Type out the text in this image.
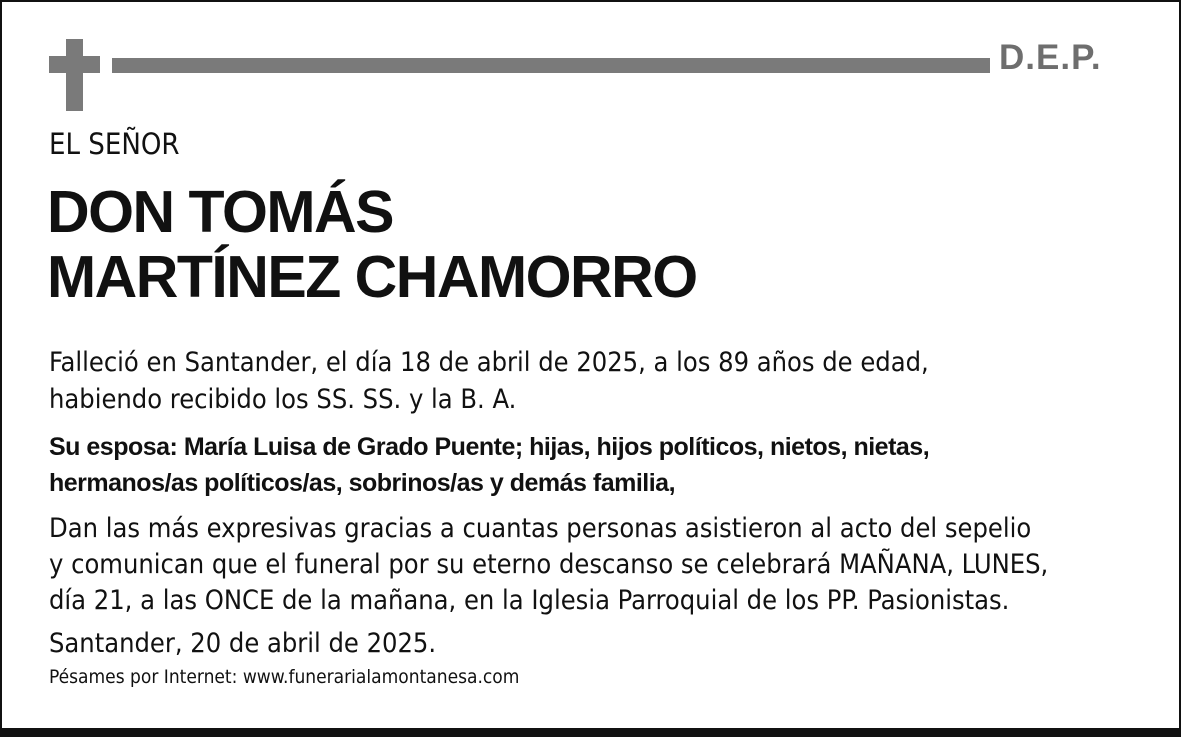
D.E.P.
EL SEÑOR
DON TOMÁS
MARTÍNEZ CHAMORRO
Falleció en Santander, el día 18 de abril de 2025, a los 89 años de edad,
habiendo recibido los SS. SS. y la B. A.
Su esposa: María Luisa de Grado Puente; hijas, hijos políticos, nietos, nietas,
hermanos/as políticos/as, sobrinos/as y demás familia,
Dan las más expresivas gracias a cuantas personas asistieron al acto del sepelio
y comunican que el funeral por su eterno descanso se celebrará MAÑANA, LUNES,
día 21, a las ONCE de la mañana, en la Iglesia Parroquial de los PP. Pasionistas.
Santander, 20 de abril de 2025.
Pésames por Internet: www.funerarialamontanesa.com
